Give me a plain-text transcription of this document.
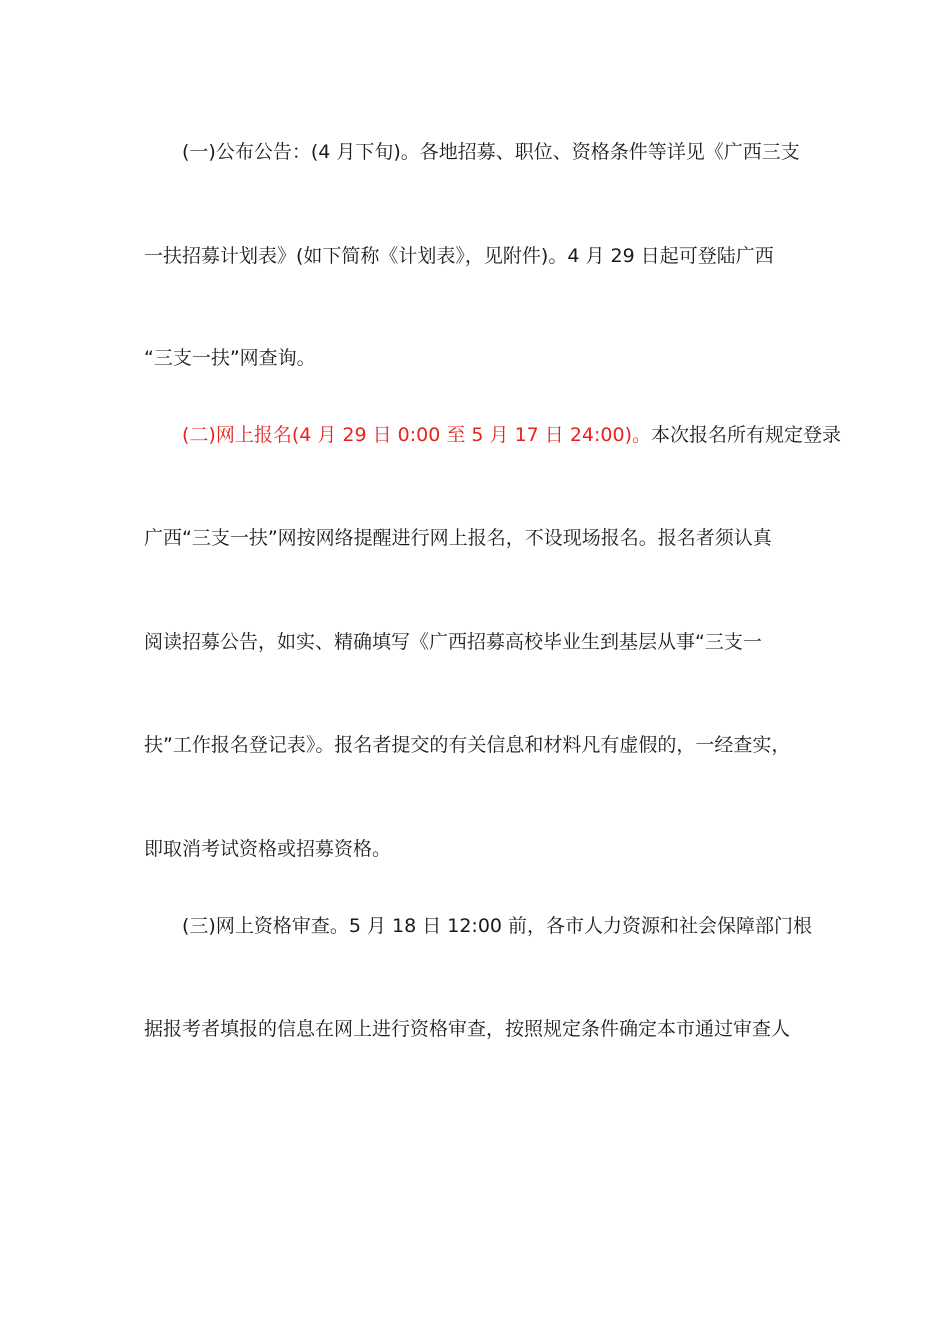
(一)公布公告：(4 月下旬)。各地招募、职位、资格条件等详见《广西三支
一扶招募计划表》(如下简称《计划表》，见附件)。4 月 29 日起可登陆广西
“三支一扶”网查询。
(二)网上报名(4 月 29 日 0:00 至 5 月 17 日 24:00)。本次报名所有规定登录
广西“三支一扶”网按网络提醒进行网上报名，不设现场报名。报名者须认真
阅读招募公告，如实、精确填写《广西招募高校毕业生到基层从事“三支一
扶”工作报名登记表》。报名者提交的有关信息和材料凡有虚假的，一经查实，
即取消考试资格或招募资格。
(三)网上资格审查。5 月 18 日 12:00 前，各市人力资源和社会保障部门根
据报考者填报的信息在网上进行资格审查，按照规定条件确定本市通过审查人
